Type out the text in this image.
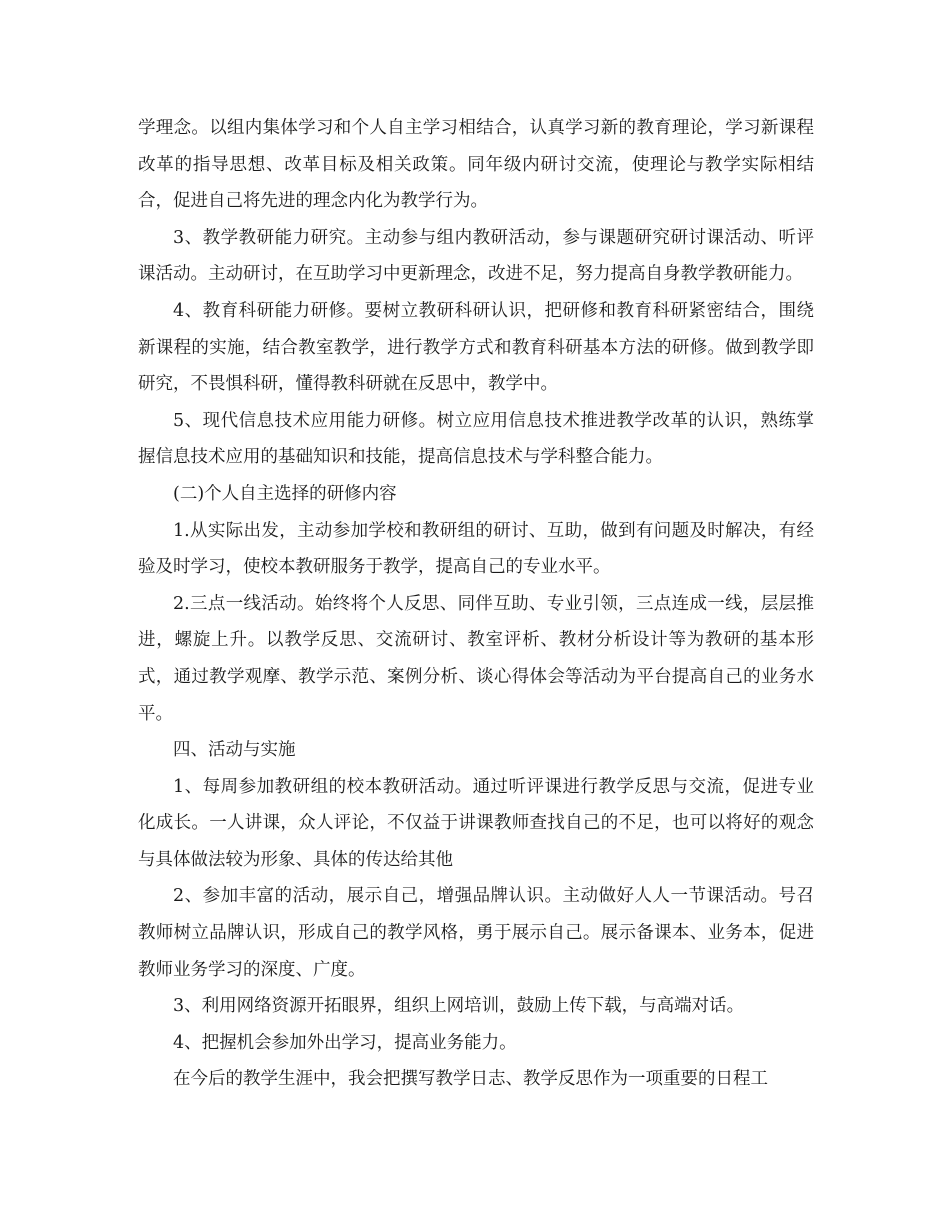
学理念。以组内集体学习和个人自主学习相结合，认真学习新的教育理论，学习新课程改革的指导思想、改革目标及相关政策。同年级内研讨交流，使理论与教学实际相结合，促进自己将先进的理念内化为教学行为。

3、教学教研能力研究。主动参与组内教研活动，参与课题研究研讨课活动、听评课活动。主动研讨，在互助学习中更新理念，改进不足，努力提高自身教学教研能力。

4、教育科研能力研修。要树立教研科研认识，把研修和教育科研紧密结合，围绕新课程的实施，结合教室教学，进行教学方式和教育科研基本方法的研修。做到教学即研究，不畏惧科研，懂得教科研就在反思中，教学中。

5、现代信息技术应用能力研修。树立应用信息技术推进教学改革的认识，熟练掌握信息技术应用的基础知识和技能，提高信息技术与学科整合能力。

(二)个人自主选择的研修内容

1.从实际出发，主动参加学校和教研组的研讨、互助，做到有问题及时解决，有经验及时学习，使校本教研服务于教学，提高自己的专业水平。

2.三点一线活动。始终将个人反思、同伴互助、专业引领，三点连成一线，层层推进，螺旋上升。以教学反思、交流研讨、教室评析、教材分析设计等为教研的基本形式，通过教学观摩、教学示范、案例分析、谈心得体会等活动为平台提高自己的业务水平。

四、活动与实施

1、每周参加教研组的校本教研活动。通过听评课进行教学反思与交流，促进专业化成长。一人讲课，众人评论，不仅益于讲课教师查找自己的不足，也可以将好的观念与具体做法较为形象、具体的传达给其他

2、参加丰富的活动，展示自己，增强品牌认识。主动做好人人一节课活动。号召教师树立品牌认识，形成自己的教学风格，勇于展示自己。展示备课本、业务本，促进教师业务学习的深度、广度。

3、利用网络资源开拓眼界，组织上网培训，鼓励上传下载，与高端对话。

4、把握机会参加外出学习，提高业务能力。

在今后的教学生涯中，我会把撰写教学日志、教学反思作为一项重要的日程工
